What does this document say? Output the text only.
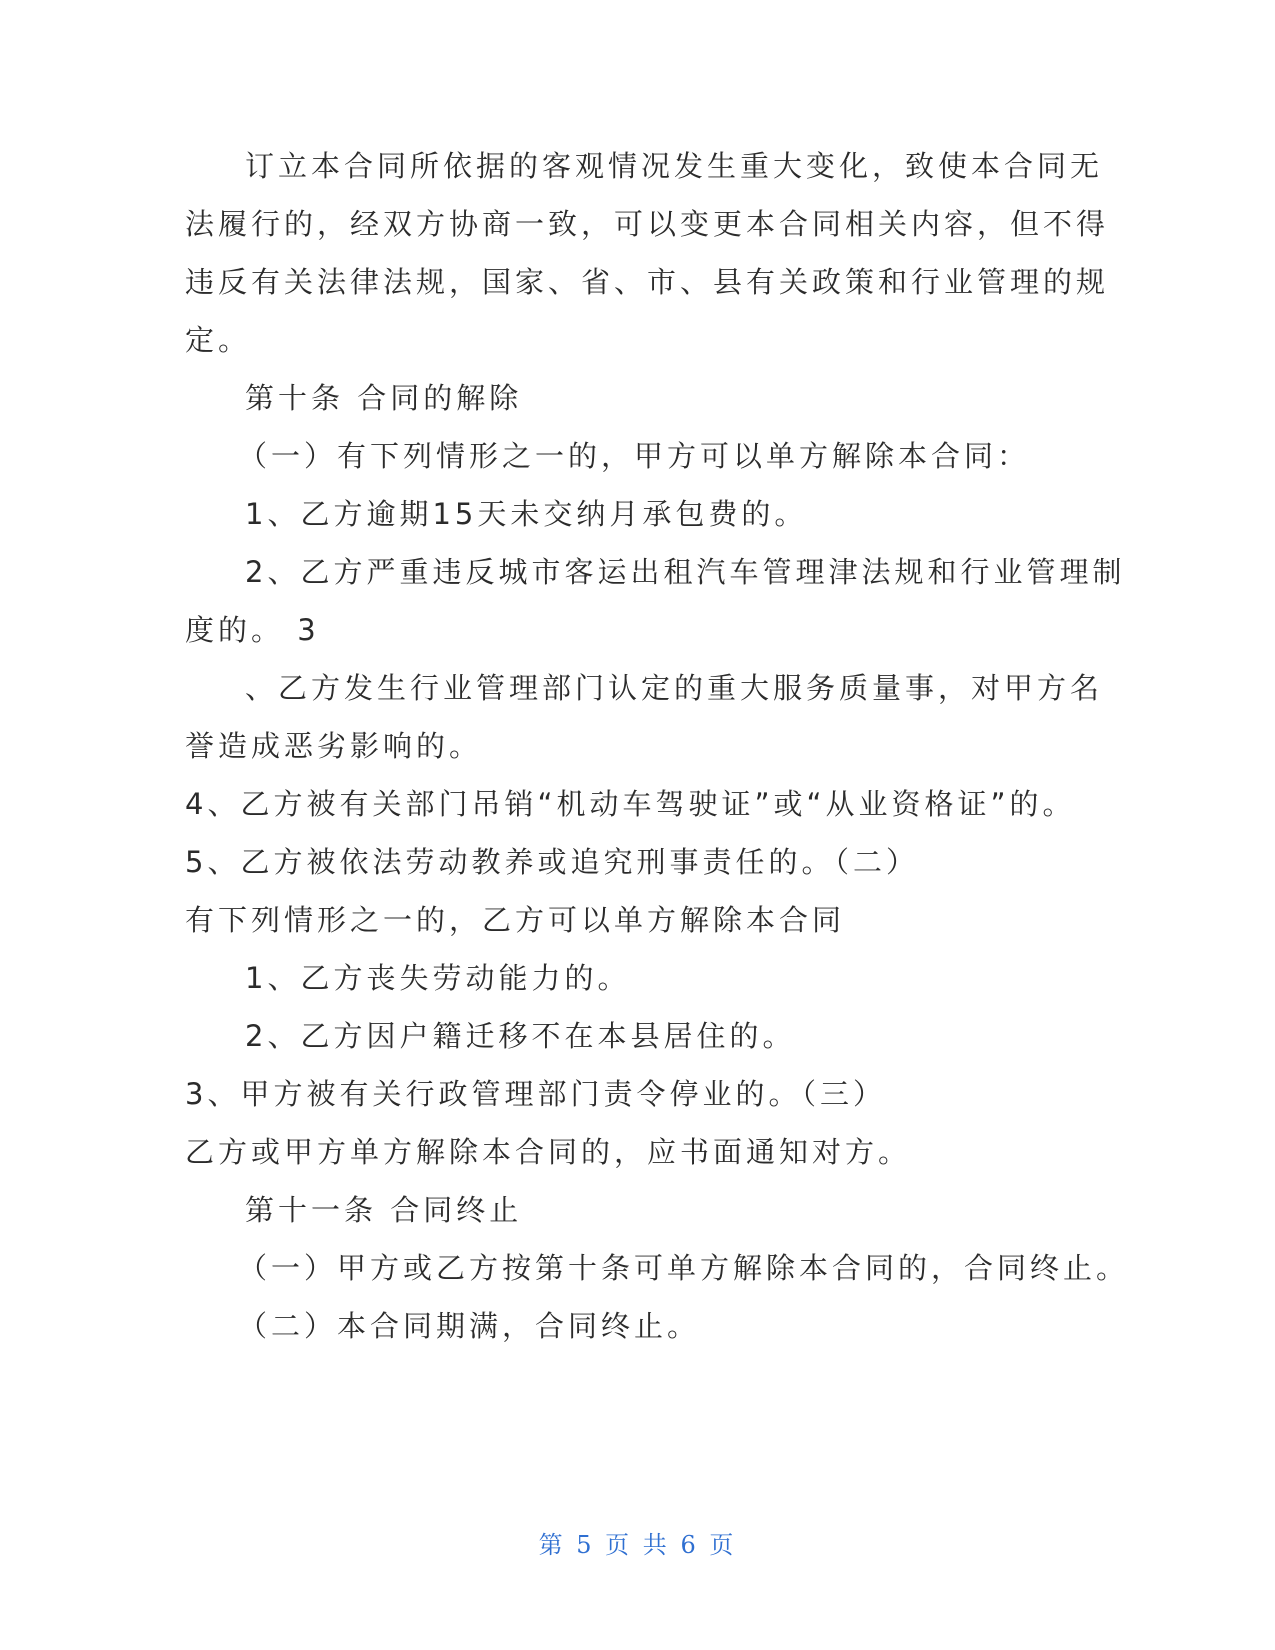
订立本合同所依据的客观情况发生重大变化，致使本合同无
法履行的，经双方协商一致，可以变更本合同相关内容，但不得
违反有关法律法规，国家、省、市、县有关政策和行业管理的规
定。
第十条 合同的解除
（一）有下列情形之一的，甲方可以单方解除本合同：
1、乙方逾期15天未交纳月承包费的。
2、乙方严重违反城市客运出租汽车管理津法规和行业管理制
度的。 3
、乙方发生行业管理部门认定的重大服务质量事，对甲方名
誉造成恶劣影响的。
4、乙方被有关部门吊销“机动车驾驶证”或“从业资格证”的。
5、乙方被依法劳动教养或追究刑事责任的。（二）
有下列情形之一的，乙方可以单方解除本合同
1、乙方丧失劳动能力的。
2、乙方因户籍迁移不在本县居住的。
3、甲方被有关行政管理部门责令停业的。（三）
乙方或甲方单方解除本合同的，应书面通知对方。
第十一条 合同终止
（一）甲方或乙方按第十条可单方解除本合同的，合同终止。
（二）本合同期满，合同终止。
第 5 页 共 6 页
